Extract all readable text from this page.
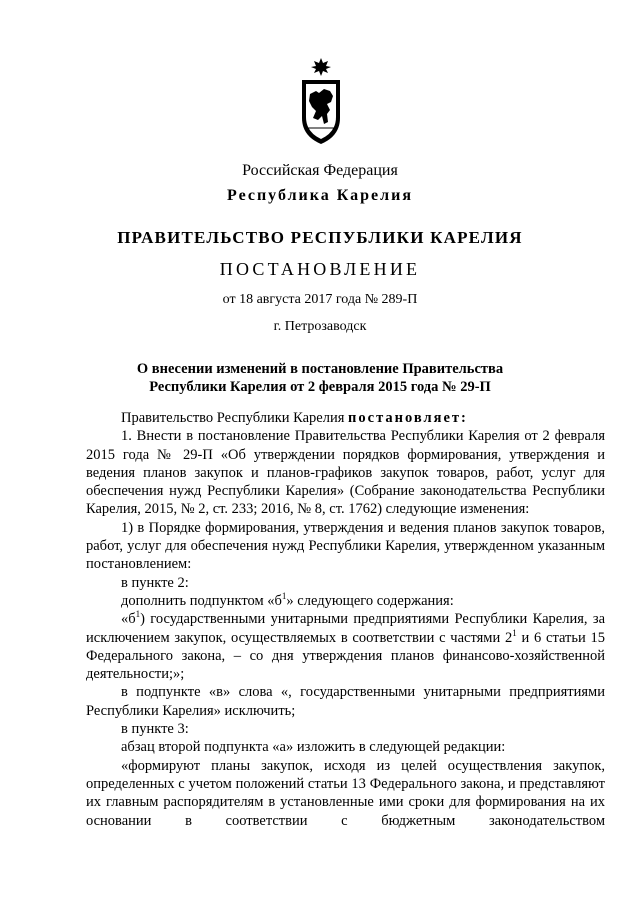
Российская Федерация
Республика Карелия
ПРАВИТЕЛЬСТВО РЕСПУБЛИКИ КАРЕЛИЯ
ПОСТАНОВЛЕНИЕ
от 18 августа 2017 года № 289-П
г. Петрозаводск
О внесении изменений в постановление Правительства
Республики Карелия от 2 февраля 2015 года № 29-П

Правительство Республики Карелия постановляет:

1. Внести в постановление Правительства Республики Карелия от 2 февраля 2015 года № 29-П «Об утверждении порядков формирования, утверждения и ведения планов закупок и планов-графиков закупок товаров, работ, услуг для обеспечения нужд Республики Карелия» (Собрание законодательства Республики Карелия, 2015, № 2, ст. 233; 2016, № 8, ст. 1762) следующие изменения:

1) в Порядке формирования, утверждения и ведения планов закупок товаров, работ, услуг для обеспечения нужд Республики Карелия, утвержденном указанным постановлением:

в пункте 2:

дополнить подпунктом «$б^1$» следующего содержания:

«$б^1$) государственными унитарными предприятиями Республики Карелия, за исключением закупок, осуществляемых в соответствии с частями $2^1$ и 6 статьи 15 Федерального закона, – со дня утверждения планов финансово-хозяйственной деятельности;»;

в подпункте «в» слова «, государственными унитарными предприятиями Республики Карелия» исключить;

в пункте 3:

абзац второй подпункта «а» изложить в следующей редакции:

«формируют планы закупок, исходя из целей осуществления закупок, определенных с учетом положений статьи 13 Федерального закона, и представляют их главным распорядителям в установленные ими сроки для формирования на их основании в соответствии с бюджетным законодательством
